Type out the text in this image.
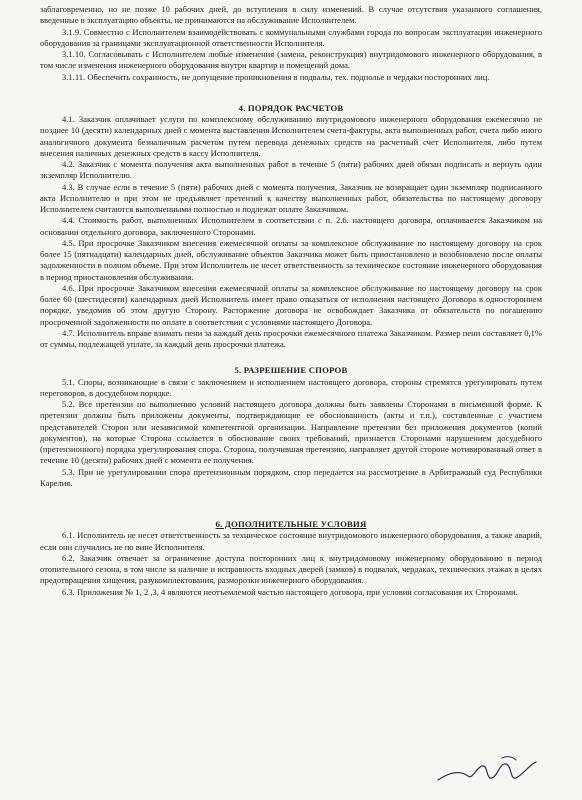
заблаговременно, но не позже 10 рабочих дней, до вступления в силу изменений. В случае отсутствия указанного соглашения, введенные в эксплуатацию объекты, не принимаются на обслуживание Исполнителем.

3.1.9. Совместно с Исполнителем взаимодействовать с коммунальными службами города по вопросам эксплуатации инженерного оборудования за границами эксплуатационной ответственности Исполнителя.

3.1.10. Согласовывать с Исполнителем любые изменения (замена, реконструкция) внутридомового инженерного оборудования, в том числе изменения инженерного оборудования внутри квартир и помещений дома.

3.1.11. Обеспечить сохранность, не допущение проникновения в подвалы, тех. подполье и чердаки посторонних лиц.

4. ПОРЯДОК РАСЧЕТОВ

4.1. Заказчик оплачивает услуги по комплексному обслуживанию внутридомового инженерного оборудования ежемесячно не позднее 10 (десяти) календарных дней с момента выставления Исполнителем счета-фактуры, акта выполненных работ, счета либо иного аналогичного документа безналичным расчетом путем перевода денежных средств на расчетный счет Исполнителя, либо путем внесения наличных денежных средств в кассу Исполнителя.

4.2. Заказчик с момента получения акта выполненных работ в течение 5 (пяти) рабочих дней обязан подписать и вернуть один экземпляр Исполнителю.

4.3. В случае если в течение 5 (пяти) рабочих дней с момента получения, Заказчик не возвращает один экземпляр подписанного акта Исполнителю и при этом не предъявляет претензий к качеству выполненных работ, обязательства по настоящему договору Исполнителем считаются выполненными полностью и подлежат оплате Заказчиком.

4.4. Стоимость работ, выполненных Исполнителем в соответствии с п. 2.6. настоящего договора, оплачивается Заказчиком на основании отдельного договора, заключенного Сторонами.

4.5. При просрочке Заказчиком внесения ежемесячной оплаты за комплексное обслуживание по настоящему договору на срок более 15 (пятнадцати) календарных дней, обслуживание объектов Заказчика может быть приостановлено и возобновлено после оплаты задолженности в полном объеме. При этом Исполнитель не несет ответственность за техническое состояние инженерного оборудования в период приостановления обслуживания.

4.6. При просрочке Заказчиком внесения ежемесячной оплаты за комплексное обслуживание по настоящему договору на срок более 60 (шестидесяти) календарных дней Исполнитель имеет право отказаться от исполнения настоящего Договора в одностороннем порядке, уведомив об этом другую Сторону. Расторжение договора не освобождает Заказчика от обязательств по погашению просроченной задолженности по оплате в соответствии с условиями настоящего Договора.

4.7. Исполнитель вправе взимать пени за каждый день просрочки ежемесячного платежа Заказчиком. Размер пени составляет 0,1% от суммы, подлежащей уплате, за каждый день просрочки платежа.

5. РАЗРЕШЕНИЕ СПОРОВ

5.1. Споры, возникающие в связи с заключением и исполнением настоящего договора, стороны стремятся урегулировать путем переговоров, в досудебном порядке.

5.2. Все претензии по выполнению условий настоящего договора должны быть заявлены Сторонами в письменной форме. К претензии должны быть приложены документы, подтверждающие ее обоснованность (акты и т.п.), составленные с участием представителей Сторон или независимой компетентной организации. Направление претензии без приложения документов (копий документов), на которые Сторона ссылается в обоснование своих требований, признается Сторонами нарушением досудебного (претензионного) порядка урегулирования спора. Сторона, получившая претензию, направляет другой стороне мотивированный ответ в течение 10 (десяти) рабочих дней с момента ее получения.

5.3. При не урегулировании спора претензионным порядком, спор передается на рассмотрение в Арбитражный суд Республики Карелия.

6. ДОПОЛНИТЕЛЬНЫЕ УСЛОВИЯ

6.1. Исполнитель не несет ответственность за техническое состояние внутридомового инженерного оборудования, а также аварий, если они случились не по вине Исполнителя.

6.2. Заказчик отвечает за ограничение доступа посторонних лиц к внутридомовому инженерному оборудованию в период отопительного сезона, в том числе за наличие и исправность входных дверей (замков) в подвалах, чердаках, технических этажах в целях предотвращения хищения, разукомплектования, разморозки инженерного оборудования.

6.3. Приложения № 1, 2 ,3, 4 являются неотъемлемой частью настоящего договора, при условии согласования их Сторонами.
